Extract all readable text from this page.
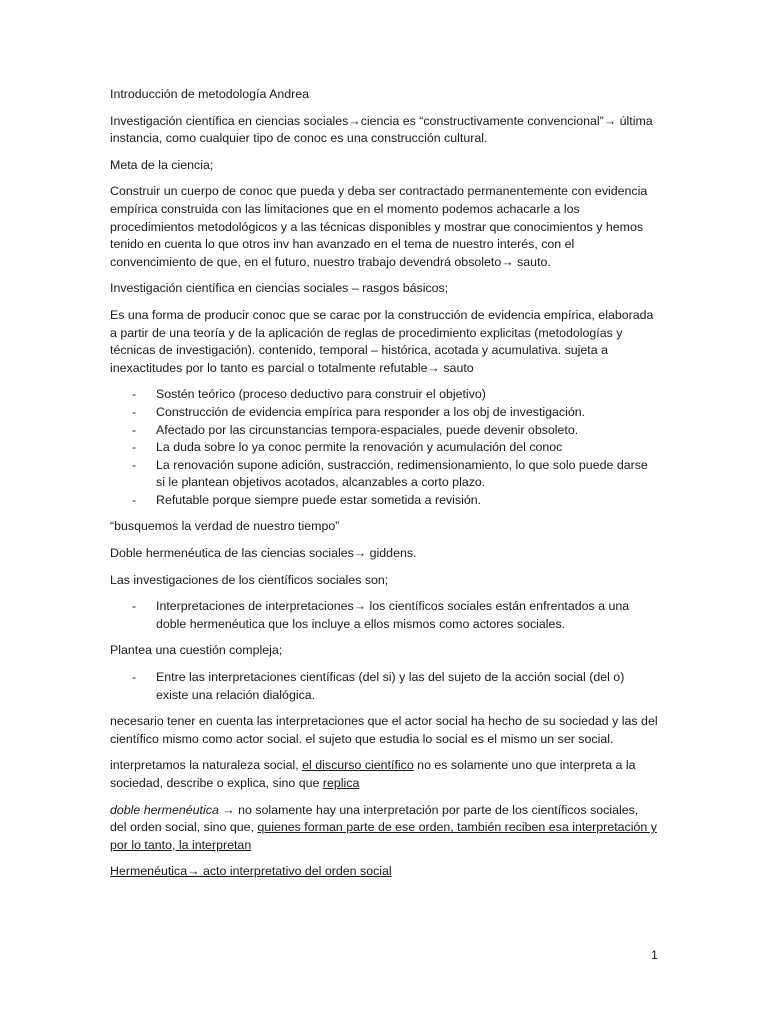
Introducción de metodología Andrea

Investigación científica en ciencias sociales→ciencia es “constructivamente convencional”→ última instancia, como cualquier tipo de conoc es una construcción cultural.

Meta de la ciencia;

Construir un cuerpo de conoc que pueda y deba ser contractado permanentemente con evidencia empírica construida con las limitaciones que en el momento podemos achacarle a los procedimientos metodológicos y a las técnicas disponibles y mostrar que conocimientos y hemos tenido en cuenta lo que otros inv han avanzado en el tema de nuestro interés, con el convencimiento de que, en el futuro, nuestro trabajo devendrá obsoleto→ sauto.

Investigación científica en ciencias sociales – rasgos básicos;

Es una forma de producir conoc que se carac por la construcción de evidencia empírica, elaborada a partir de una teoría y de la aplicación de reglas de procedimiento explicitas (metodologías y técnicas de investigación). contenido, temporal – histórica, acotada y acumulativa. sujeta a inexactitudes por lo tanto es parcial o totalmente refutable→ sauto

- Sostén teórico (proceso deductivo para construir el objetivo)
- Construcción de evidencia empírica para responder a los obj de investigación.
- Afectado por las circunstancias tempora-espaciales, puede devenir obsoleto.
- La duda sobre lo ya conoc permite la renovación y acumulación del conoc
- La renovación supone adición, sustracción, redimensionamiento, lo que solo puede darse si le plantean objetivos acotados, alcanzables a corto plazo.
- Refutable porque siempre puede estar sometida a revisión.

“busquemos la verdad de nuestro tiempo”

Doble hermenéutica de las ciencias sociales→ giddens.

Las investigaciones de los científicos sociales son;

- Interpretaciones de interpretaciones→ los científicos sociales están enfrentados a una doble hermenéutica que los incluye a ellos mismos como actores sociales.

Plantea una cuestión compleja;

- Entre las interpretaciones científicas (del si) y las del sujeto de la acción social (del o) existe una relación dialógica.

necesario tener en cuenta las interpretaciones que el actor social ha hecho de su sociedad y las del científico mismo como actor social. el sujeto que estudia lo social es el mismo un ser social.

interpretamos la naturaleza social, el discurso científico no es solamente uno que interpreta a la sociedad, describe o explica, sino que replica

doble hermenéutica → no solamente hay una interpretación por parte de los científicos sociales, del orden social, sino que, quienes forman parte de ese orden, también reciben esa interpretación y por lo tanto, la interpretan

Hermenéutica→ acto interpretativo del orden social

1
